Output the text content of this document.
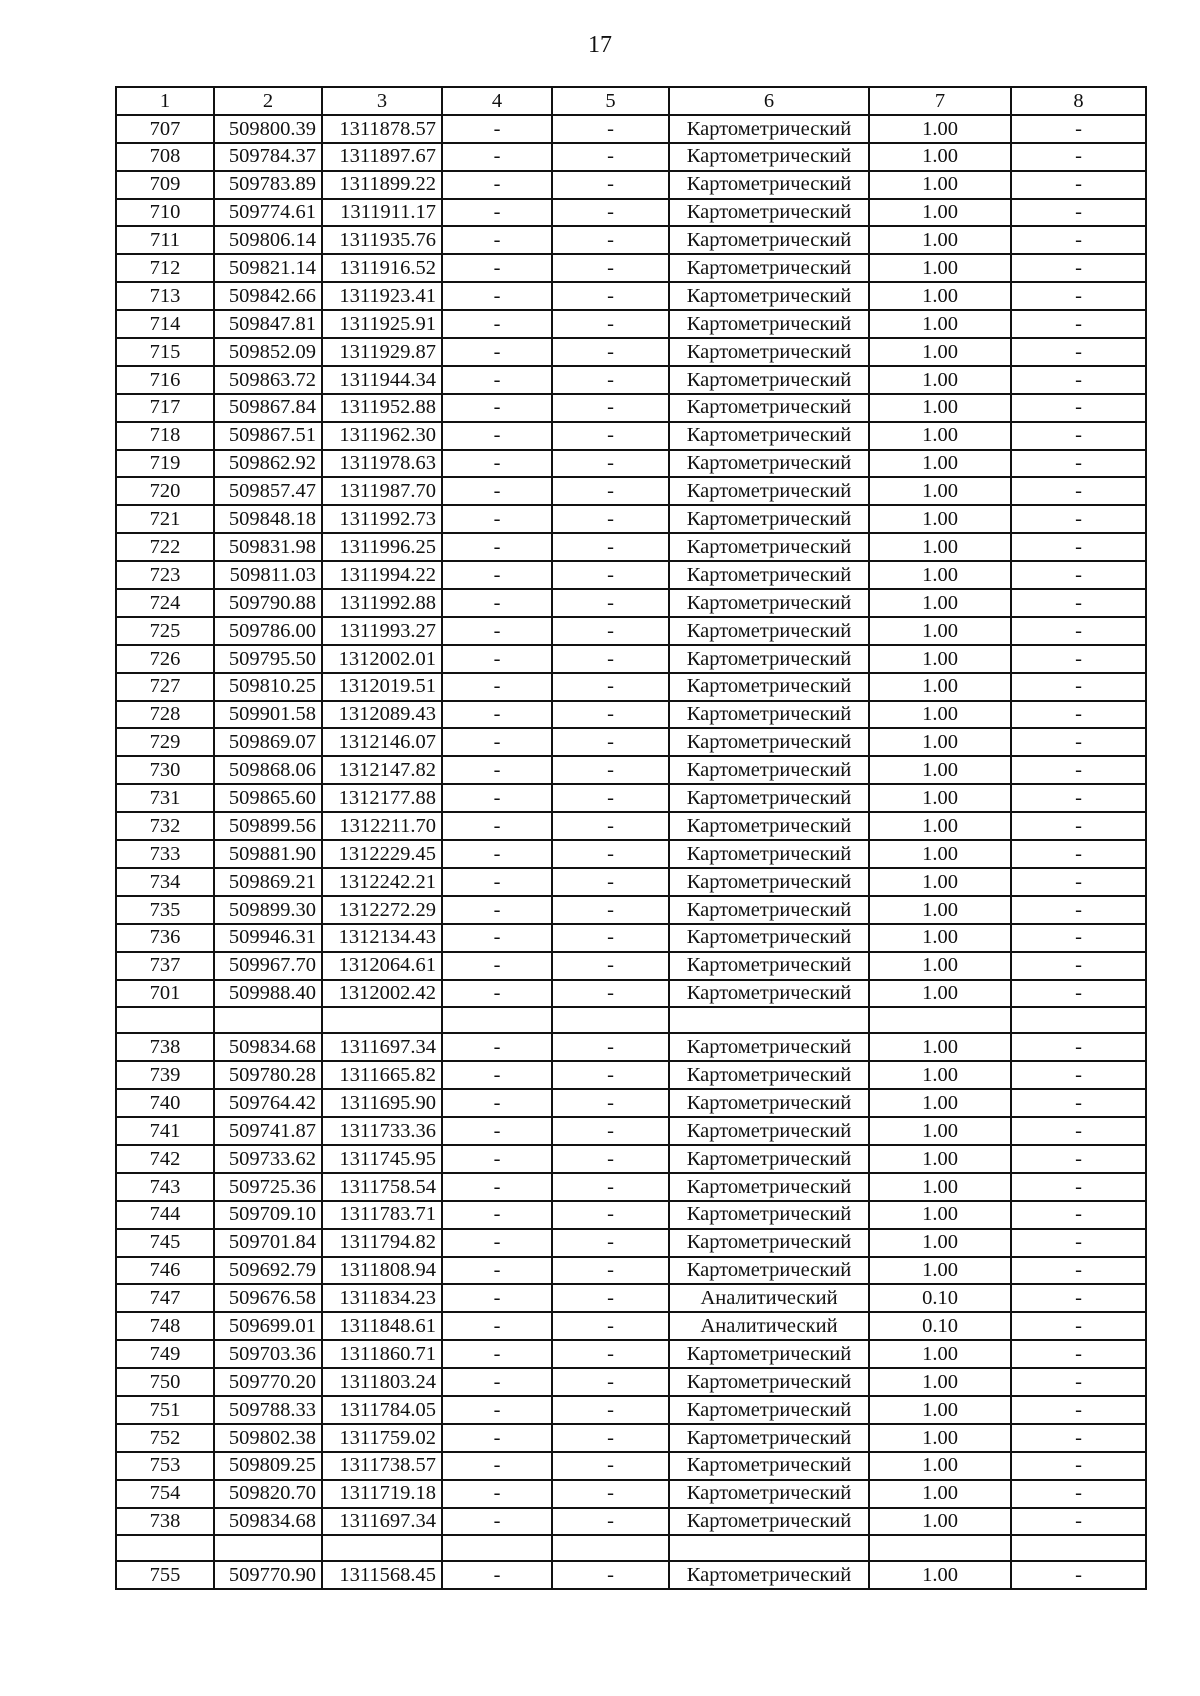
17
1	2	3	4	5	6	7	8
707	509800.39	1311878.57	-	-	Картометрический	1.00	-
708	509784.37	1311897.67	-	-	Картометрический	1.00	-
709	509783.89	1311899.22	-	-	Картометрический	1.00	-
710	509774.61	1311911.17	-	-	Картометрический	1.00	-
711	509806.14	1311935.76	-	-	Картометрический	1.00	-
712	509821.14	1311916.52	-	-	Картометрический	1.00	-
713	509842.66	1311923.41	-	-	Картометрический	1.00	-
714	509847.81	1311925.91	-	-	Картометрический	1.00	-
715	509852.09	1311929.87	-	-	Картометрический	1.00	-
716	509863.72	1311944.34	-	-	Картометрический	1.00	-
717	509867.84	1311952.88	-	-	Картометрический	1.00	-
718	509867.51	1311962.30	-	-	Картометрический	1.00	-
719	509862.92	1311978.63	-	-	Картометрический	1.00	-
720	509857.47	1311987.70	-	-	Картометрический	1.00	-
721	509848.18	1311992.73	-	-	Картометрический	1.00	-
722	509831.98	1311996.25	-	-	Картометрический	1.00	-
723	509811.03	1311994.22	-	-	Картометрический	1.00	-
724	509790.88	1311992.88	-	-	Картометрический	1.00	-
725	509786.00	1311993.27	-	-	Картометрический	1.00	-
726	509795.50	1312002.01	-	-	Картометрический	1.00	-
727	509810.25	1312019.51	-	-	Картометрический	1.00	-
728	509901.58	1312089.43	-	-	Картометрический	1.00	-
729	509869.07	1312146.07	-	-	Картометрический	1.00	-
730	509868.06	1312147.82	-	-	Картометрический	1.00	-
731	509865.60	1312177.88	-	-	Картометрический	1.00	-
732	509899.56	1312211.70	-	-	Картометрический	1.00	-
733	509881.90	1312229.45	-	-	Картометрический	1.00	-
734	509869.21	1312242.21	-	-	Картометрический	1.00	-
735	509899.30	1312272.29	-	-	Картометрический	1.00	-
736	509946.31	1312134.43	-	-	Картометрический	1.00	-
737	509967.70	1312064.61	-	-	Картометрический	1.00	-
701	509988.40	1312002.42	-	-	Картометрический	1.00	-

738	509834.68	1311697.34	-	-	Картометрический	1.00	-
739	509780.28	1311665.82	-	-	Картометрический	1.00	-
740	509764.42	1311695.90	-	-	Картометрический	1.00	-
741	509741.87	1311733.36	-	-	Картометрический	1.00	-
742	509733.62	1311745.95	-	-	Картометрический	1.00	-
743	509725.36	1311758.54	-	-	Картометрический	1.00	-
744	509709.10	1311783.71	-	-	Картометрический	1.00	-
745	509701.84	1311794.82	-	-	Картометрический	1.00	-
746	509692.79	1311808.94	-	-	Картометрический	1.00	-
747	509676.58	1311834.23	-	-	Аналитический	0.10	-
748	509699.01	1311848.61	-	-	Аналитический	0.10	-
749	509703.36	1311860.71	-	-	Картометрический	1.00	-
750	509770.20	1311803.24	-	-	Картометрический	1.00	-
751	509788.33	1311784.05	-	-	Картометрический	1.00	-
752	509802.38	1311759.02	-	-	Картометрический	1.00	-
753	509809.25	1311738.57	-	-	Картометрический	1.00	-
754	509820.70	1311719.18	-	-	Картометрический	1.00	-
738	509834.68	1311697.34	-	-	Картометрический	1.00	-

755	509770.90	1311568.45	-	-	Картометрический	1.00	-
